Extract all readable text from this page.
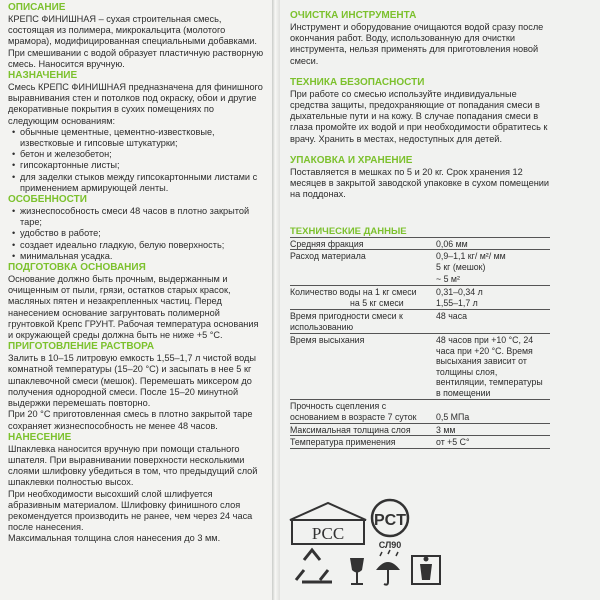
ОПИСАНИЕ
КРЕПС ФИНИШНАЯ – сухая строительная смесь, состоящая из полимера, микрокальцита (молотого мрамора), модифицированная специальными добавками.
При смешивании с водой образует пластичную растворную смесь. Наносится вручную.
НАЗНАЧЕНИЕ
Смесь КРЕПС ФИНИШНАЯ предназначена для финишного выравнивания стен и потолков под окраску, обои и другие декоративные покрытия в сухих помещениях по следующим основаниям:
• обычные цементные, цементно-известковые, известковые и гипсовые штукатурки;
• бетон и железобетон;
• гипсокартонные листы;
• для заделки стыков между гипсокартонными листами с применением армирующей ленты.
ОСОБЕННОСТИ
• жизнеспособность смеси 48 часов в плотно закрытой таре;
• удобство в работе;
• создает идеально гладкую, белую поверхность;
• минимальная усадка.
ПОДГОТОВКА ОСНОВАНИЯ
Основание должно быть прочным, выдержанным и очищенным от пыли, грязи, остатков старых красок, масляных пятен и незакрепленных частиц. Перед нанесением основание загрунтовать полимерной грунтовкой Крепс ГРУНТ. Рабочая температура основания и окружающей среды должна быть не ниже +5 °С.
ПРИГОТОВЛЕНИЕ РАСТВОРА
Залить в 10–15 литровую емкость 1,55–1,7 л чистой воды комнатной температуры (15–20 °С) и засыпать в нее 5 кг шпаклевочной смеси (мешок). Перемешать миксером до получения однородной смеси. После 15–20 минутной выдержки перемешать повторно.
При 20 °С приготовленная смесь в плотно закрытой таре сохраняет жизнеспособность не менее 48 часов.
НАНЕСЕНИЕ
Шпаклевка наносится вручную при помощи стального шпателя. При выравнивании поверхности несколькими слоями шлифовку убедиться в том, что предыдущий слой шпаклевки полностью высох.
При необходимости высохший слой шлифуется абразивным материалом. Шлифовку финишного слоя рекомендуется производить не ранее, чем через 24 часа после нанесения.
Максимальная толщина слоя нанесения до 3 мм.
ОЧИСТКА ИНСТРУМЕНТА
Инструмент и оборудование очищаются водой сразу после окончания работ. Воду, использованную для очистки инструмента, нельзя применять для приготовления новой смеси.
ТЕХНИКА БЕЗОПАСНОСТИ
При работе со смесью используйте индивидуальные средства защиты, предохраняющие от попадания смеси в дыхательные пути и на кожу. В случае попадания смеси в глаза промойте их водой и при необходимости обратитесь к врачу. Хранить в местах, недоступных для детей.
УПАКОВКА И ХРАНЕНИЕ
Поставляется в мешках по 5 и 20 кг. Срок хранения 12 месяцев в закрытой заводской упаковке в сухом помещении на поддонах.
ТЕХНИЧЕСКИЕ ДАННЫЕ
Средняя фракция	0,06 мм
Расход материала	0,9–1,1 кг/ м²/ мм
5 кг (мешок)
~ 5 м²
Количество воды на 1 кг смеси	0,31–0,34 л
на 5 кг смеси	1,55–1,7 л
Время пригодности смеси к использованию
48 часа
Время высыхания	48 часов при +10 °С, 24 часа при +20 °С. Время высыхания зависит от толщины слоя, вентиляции, температуры в помещении
Прочность сцепления с основанием в возрасте 7 суток	0,5 МПа
Максимальная толщина слоя	3 мм
Температура применения	от +5 С°
РСС
PCT
СЛ90
